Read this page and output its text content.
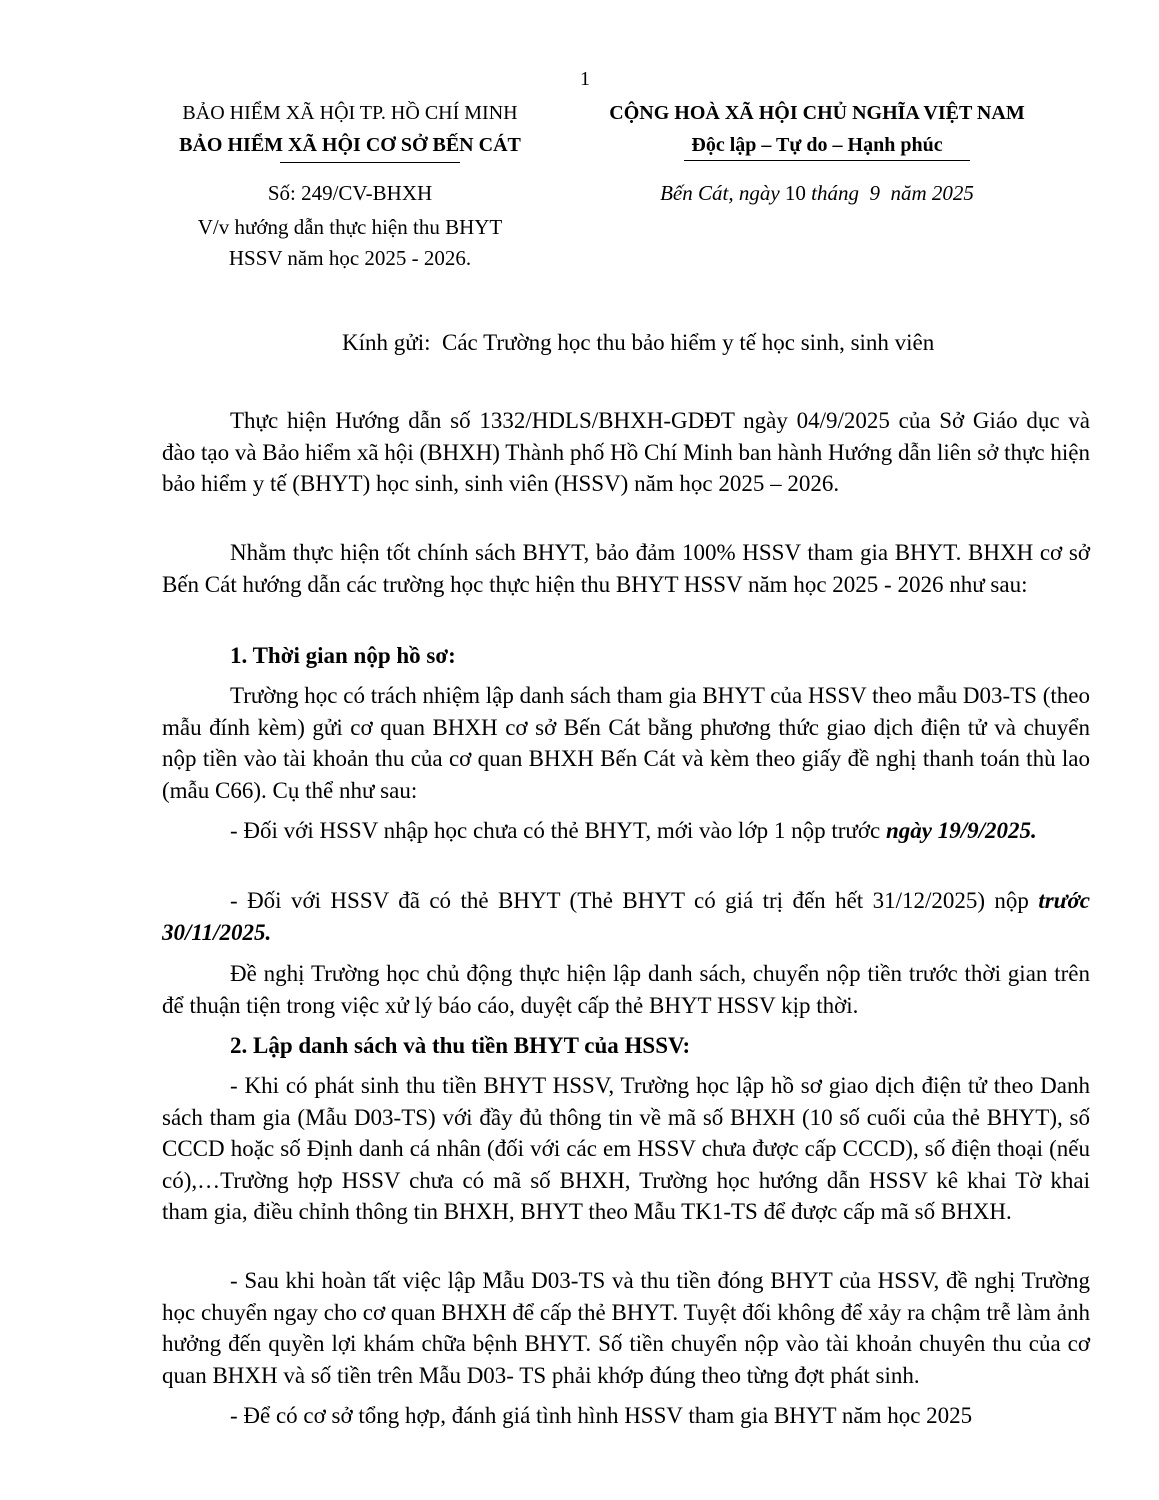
1
BẢO HIỂM XÃ HỘI TP. HỒ CHÍ MINH
BẢO HIỂM XÃ HỘI CƠ SỞ BẾN CÁT
CỘNG HOÀ XÃ HỘI CHỦ NGHĨA VIỆT NAM
Độc lập – Tự do – Hạnh phúc
Số: 249/CV-BHXH
V/v hướng dẫn thực hiện thu BHYT
HSSV năm học 2025 - 2026.
Bến Cát, ngày 10 tháng 9 năm 2025
Kính gửi: Các Trường học thu bảo hiểm y tế học sinh, sinh viên
Thực hiện Hướng dẫn số 1332/HDLS/BHXH-GDĐT ngày 04/9/2025 của Sở Giáo dục và đào tạo và Bảo hiểm xã hội (BHXH) Thành phố Hồ Chí Minh ban hành Hướng dẫn liên sở thực hiện bảo hiểm y tế (BHYT) học sinh, sinh viên (HSSV) năm học 2025 – 2026.
Nhằm thực hiện tốt chính sách BHYT, bảo đảm 100% HSSV tham gia BHYT. BHXH cơ sở Bến Cát hướng dẫn các trường học thực hiện thu BHYT HSSV năm học 2025 - 2026 như sau:
1. Thời gian nộp hồ sơ:
Trường học có trách nhiệm lập danh sách tham gia BHYT của HSSV theo mẫu D03-TS (theo mẫu đính kèm) gửi cơ quan BHXH cơ sở Bến Cát bằng phương thức giao dịch điện tử và chuyển nộp tiền vào tài khoản thu của cơ quan BHXH Bến Cát và kèm theo giấy đề nghị thanh toán thù lao (mẫu C66). Cụ thể như sau:
- Đối với HSSV nhập học chưa có thẻ BHYT, mới vào lớp 1 nộp trước ngày 19/9/2025.
- Đối với HSSV đã có thẻ BHYT (Thẻ BHYT có giá trị đến hết 31/12/2025) nộp trước 30/11/2025.
Đề nghị Trường học chủ động thực hiện lập danh sách, chuyển nộp tiền trước thời gian trên để thuận tiện trong việc xử lý báo cáo, duyệt cấp thẻ BHYT HSSV kịp thời.
2. Lập danh sách và thu tiền BHYT của HSSV:
- Khi có phát sinh thu tiền BHYT HSSV, Trường học lập hồ sơ giao dịch điện tử theo Danh sách tham gia (Mẫu D03-TS) với đầy đủ thông tin về mã số BHXH (10 số cuối của thẻ BHYT), số CCCD hoặc số Định danh cá nhân (đối với các em HSSV chưa được cấp CCCD), số điện thoại (nếu có),…Trường hợp HSSV chưa có mã số BHXH, Trường học hướng dẫn HSSV kê khai Tờ khai tham gia, điều chỉnh thông tin BHXH, BHYT theo Mẫu TK1-TS để được cấp mã số BHXH.
- Sau khi hoàn tất việc lập Mẫu D03-TS và thu tiền đóng BHYT của HSSV, đề nghị Trường học chuyển ngay cho cơ quan BHXH để cấp thẻ BHYT. Tuyệt đối không để xảy ra chậm trễ làm ảnh hưởng đến quyền lợi khám chữa bệnh BHYT. Số tiền chuyển nộp vào tài khoản chuyên thu của cơ quan BHXH và số tiền trên Mẫu D03- TS phải khớp đúng theo từng đợt phát sinh.
- Để có cơ sở tổng hợp, đánh giá tình hình HSSV tham gia BHYT năm học 2025
